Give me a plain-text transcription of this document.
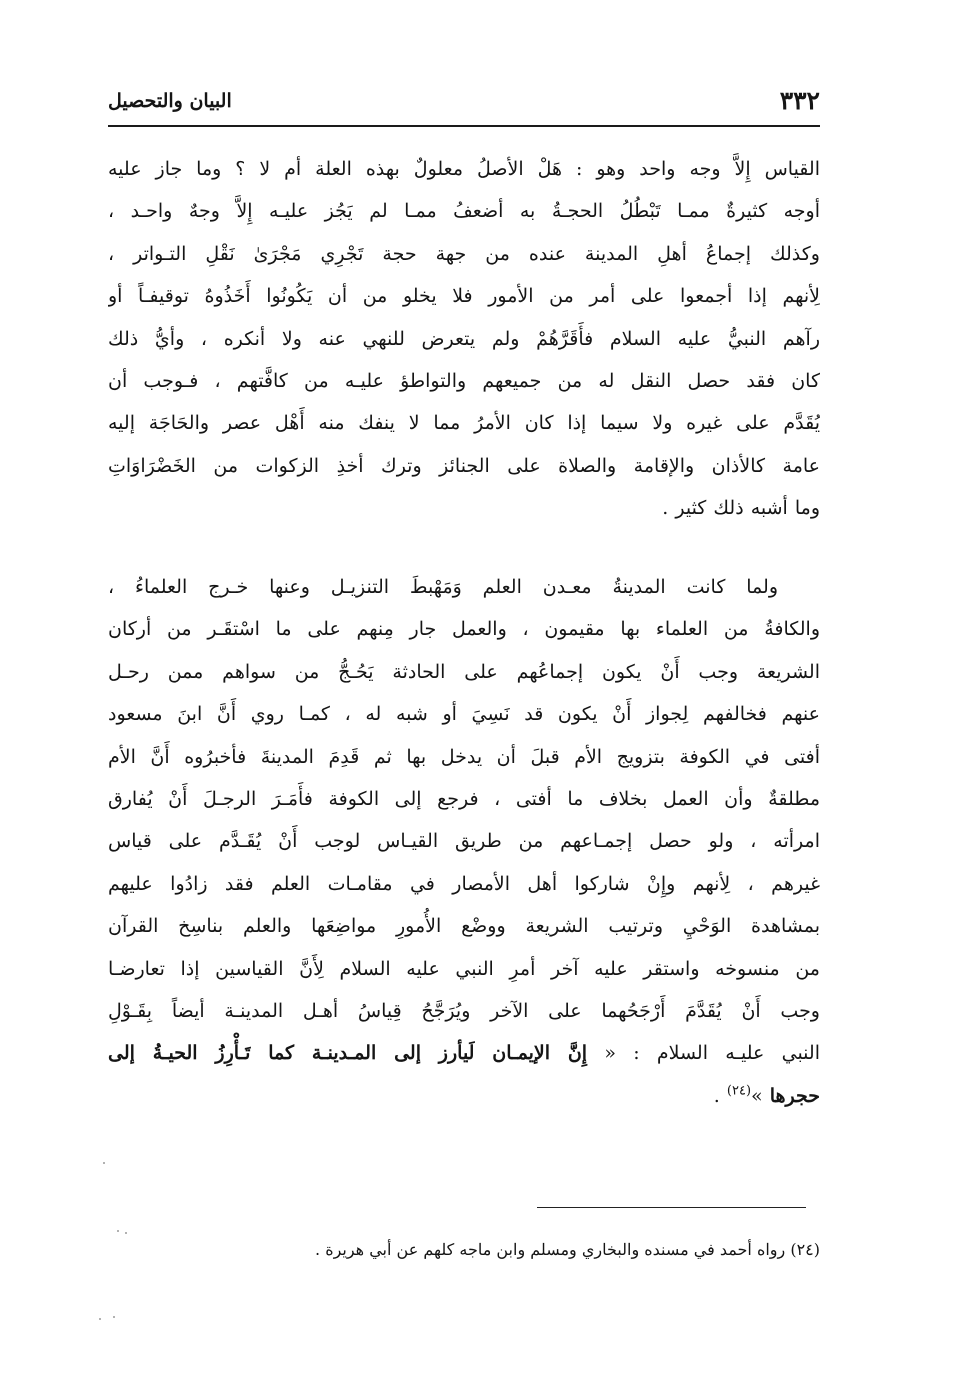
٣٣٢
البيان والتحصيل
القياس إِلاَّ وجه واحد وهو : هَلْ الأصلُ معلولٌ بهذه العلة أم لا ؟ وما جاز عليه
أوجه كثيرةٌ ممـا تَبْطُلُ الحجـةُ به أضعفُ ممـا لم يَجُز عليـه إِلاَّ وجهٌ واحـد ،
وكذلك إجماعُ أهلِ المدينة عنده من جهة حجة تَجْرِي مَجْرَىٰ نَقْلِ التـواتر ،
لِأنهم إذا أجمعوا على أمر من الأمور فلا يخلو من أن يَكُونُوا أَخَذُوهُ توقيفـاً أو
رآهم النبيُّ عليه السلام فأَقَرَّهُمْ ولم يتعرض للنهي عنه ولا أنكره ، وأيُّ ذلك
كان فقد حصل النقل له من جميعهم والتواطؤ عليـه من كافَّتهم ، فـوجب أن
يُقَدَّم على غيره ولا سيما إذا كان الأمرُ مما لا ينفك منه أَهْل عصر والحَاجَة إليه
عامة كالأذان والإقامة والصلاة على الجنائز وترك أخذِ الزكوات من الخَضْرَاوَاتِ
وما أشبه ذلك كثير .
ولما كانت المدينةُ معـدن العلم وَمَهْبطَ التنزيـل وعنها خـرج العلماءُ ،
والكافةُ من العلماء بها مقيمون ، والعمل جار مِنهم على ما اسْتقَـر من أركان
الشريعة وجب أَنْ يكون إجماعُهم على الحادثة يَحُـجُّ من سواهم ممن رحـل
عنهم فخالفهم لِجواز أَنْ يكون قد نَسِيَ أو شبه له ، كمـا روي أَنَّ ابنَ مسعود
أفتى في الكوفة بتزويج الأم قبلَ أن يدخل بها ثم قَدِمَ المدينةَ فأخبرُوه أَنَّ الأم
مطلقةٌ وأن العمل بخلاف ما أفتى ، فرجع إلى الكوفة فأَمَـرَ الرجـلَ أَنْ يُفارق
امرأته ، ولو حصل إجمـاعهم من طريق القيـاس لوجب أَنْ يُقَـدَّم على قياس
غيرهم ، لِأنهم وإِنْ شاركوا أهل الأمصار في مقامـات العلم فقد زادُوا عليهم
بمشاهدة الوَحْيِ وترتيب الشريعة ووضْع الأُمورِ مواضِعَها والعلم بناسِخ القرآن
من منسوخه واستقر عليه آخر أمرِ النبي عليه السلام لِأَنَّ القياسين إذا تعارضـا
وجب أَنْ يُقَدَّمَ أَرْجَحُهما على الآخر ويُرَجَّحُ قِياسُ أهـل المدينـة أيضاً بِقَـوْلِ
النبي عليـه السلام : « إِنَّ الإيمـان لَيأرز إلى المـدينـة كما تَـأْرِزُ الحيـةُ إلى
حجرها »$^{(٢٤)}$ .
(٢٤) رواه أحمد في مسنده والبخاري ومسلم وابن ماجه كلهم عن أبي هريرة .
